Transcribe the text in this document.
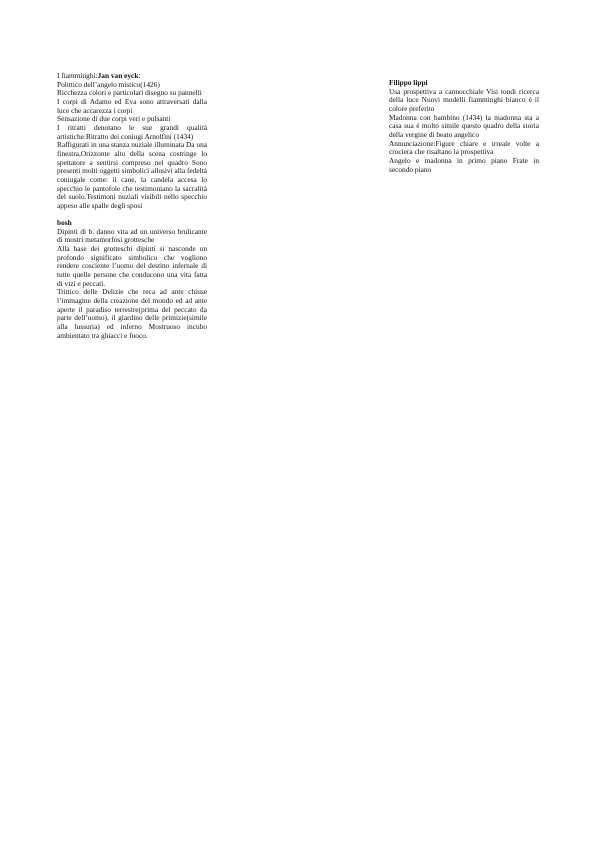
I fiamminghi:Jan van eyck:

Polittico dell’angelo mistico(1426)

Ricchezza colori e particolari disegno su pannelli

I corpi di Adamo ed Eva sono attraversati dalla luce che accarezza i corpi

Sensazione di due corpi veri e pulsanti

I ritratti denotano le sue grandi qualità artistiche:Ritratto dei coniugi Arnolfini (1434)

Raffigurati in una stanza nuziale illuminata Da una finestra,Orizzonte alto della scena costringe lo spettatore a sentirsi compreso nel quadro Sono presenti molti oggetti simbolici allusivi alla fedeltà coniugale come: il cane, la candela accesa lo specchio le pantofole che testimoniano la sacralità del suolo.Testimoni nuziali visibili nello specchio appeso alle spalle degli sposi

bosh

Dipinti di b. danno vita ad un universo brulicante di mostri metamorfosi grottesche

Alla base dei grotteschi dipinti si nasconde un profondo significato simbolico che vogliono rendere cosciente l’uomo del destino infernale di tutte quelle persone che conducono una vita fatta di vizi e peccati.

Trittico delle Delizie che reca ad ante chiuse l’immagine della creazione del mondo ed ad ante aperte il paradiso terrestre(prima del peccato da parte dell’uomo), il giardino delle primizie(simile alla lussuria) ed inferno Mostruoso incubo ambientato tra ghiacci e fuoco.

Filippo lippi

Usa prospettiva a cannocchiale Visi tondi ricerca della luce Nuovi modelli fiamminghi bianco è il colore preferito

Madonna con bambino (1434) la madonna sta a casa sua è molto simile questo quadro della storia della vergine di beato angelico

Annunciazione:Figure chiare e irreale volte a crociera che risaltano la prospettiva

Angelo e madonna in primo piano Frate in secondo piano
